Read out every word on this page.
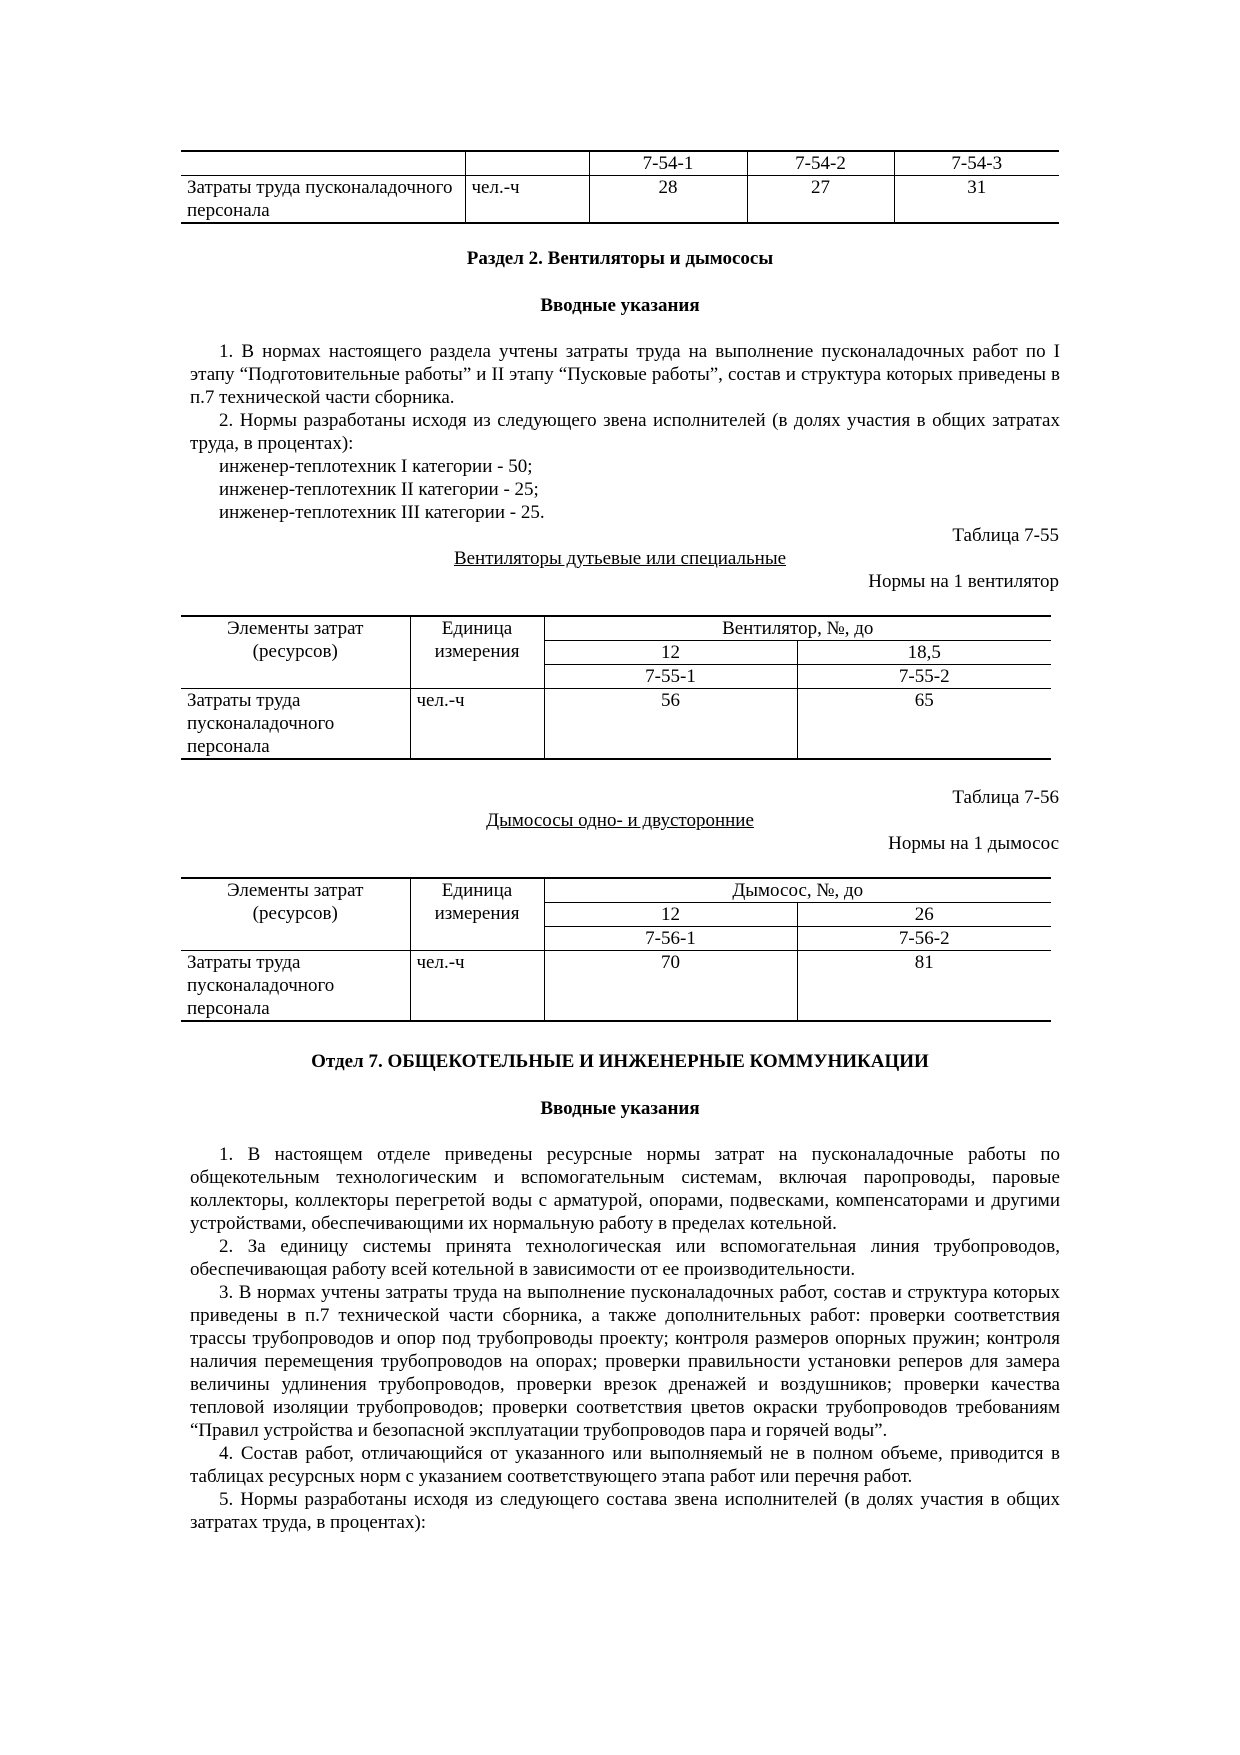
		7-54-1	7-54-2	7-54-3
Затраты труда пусконаладочного персонала	чел.-ч	28	27	31
Раздел 2. Вентиляторы и дымососы
Вводные указания

1. В нормах настоящего раздела учтены затраты труда на выполнение пусконаладочных работ по I этапу “Подготовительные работы” и II этапу “Пусковые работы”, состав и структура которых приведены в п.7 технической части сборника.

2. Нормы разработаны исходя из следующего звена исполнителей (в долях участия в общих затратах труда, в процентах):

инженер-теплотехник I категории - 50;

инженер-теплотехник II категории - 25;

инженер-теплотехник III категории - 25.

Таблица 7-55
Вентиляторы дутьевые или специальные
Нормы на 1 вентилятор
Элементы затрат (ресурсов)	Единица измерения	Вентилятор, №, до	
		12	18,5
		7-55-1	7-55-2
Затраты труда пусконаладочного персонала	чел.-ч	56	65
Таблица 7-56
Дымососы одно- и двусторонние
Нормы на 1 дымосос
Элементы затрат (ресурсов)	Единица измерения	Дымосос, №, до	
		12	26
		7-56-1	7-56-2
Затраты труда пусконаладочного персонала	чел.-ч	70	81
Отдел 7. ОБЩЕКОТЕЛЬНЫЕ И ИНЖЕНЕРНЫЕ КОММУНИКАЦИИ
Вводные указания

1. В настоящем отделе приведены ресурсные нормы затрат на пусконаладочные работы по общекотельным технологическим и вспомогательным системам, включая паропроводы, паровые коллекторы, коллекторы перегретой воды с арматурой, опорами, подвесками, компенсаторами и другими устройствами, обеспечивающими их нормальную работу в пределах котельной.

2. За единицу системы принята технологическая или вспомогательная линия трубопроводов, обеспечивающая работу всей котельной в зависимости от ее производительности.

3. В нормах учтены затраты труда на выполнение пусконаладочных работ, состав и структура которых приведены в п.7 технической части сборника, а также дополнительных работ: проверки соответствия трассы трубопроводов и опор под трубопроводы проекту; контроля размеров опорных пружин; контроля наличия перемещения трубопроводов на опорах; проверки правильности установки реперов для замера величины удлинения трубопроводов, проверки врезок дренажей и воздушников; проверки качества тепловой изоляции трубопроводов; проверки соответствия цветов окраски трубопроводов требованиям “Правил устройства и безопасной эксплуатации трубопроводов пара и горячей воды”.

4. Состав работ, отличающийся от указанного или выполняемый не в полном объеме, приводится в таблицах ресурсных норм с указанием соответствующего этапа работ или перечня работ.

5. Нормы разработаны исходя из следующего состава звена исполнителей (в долях участия в общих затратах труда, в процентах):
